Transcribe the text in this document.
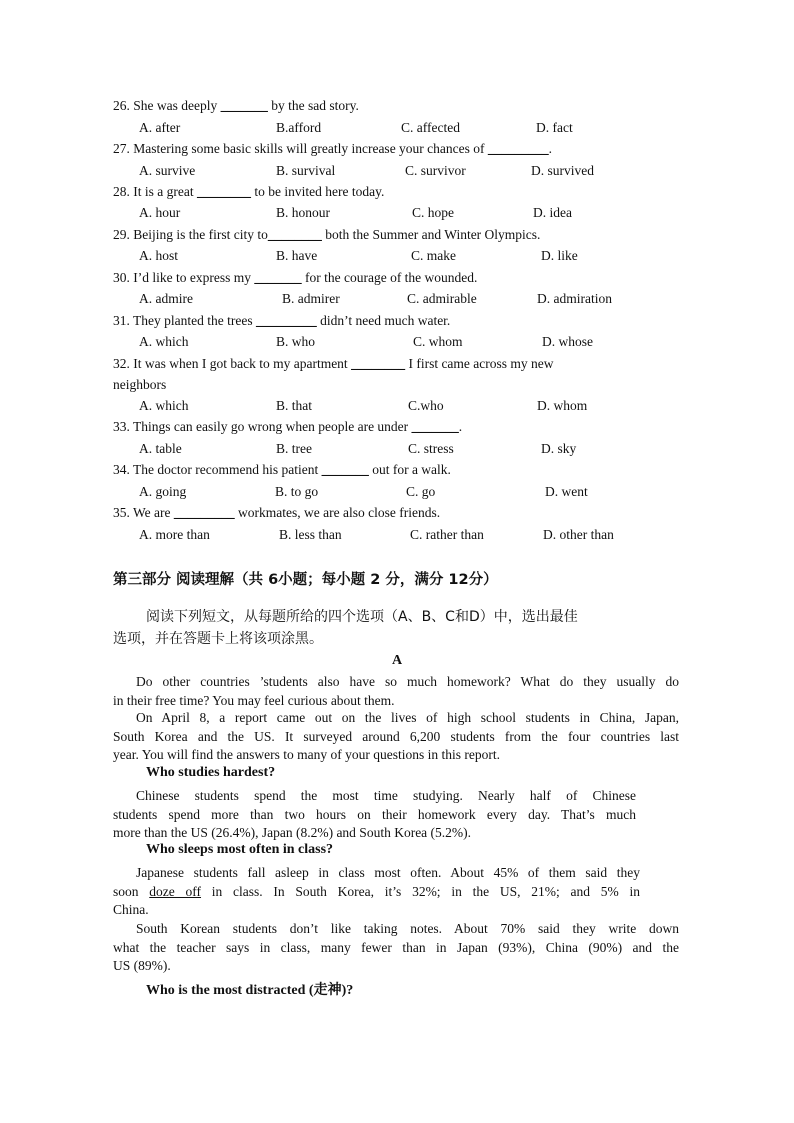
26. She was deeply _______ by the sad story.
A. after	B.afford	C. affected	D. fact
27. Mastering some basic skills will greatly increase your chances of _________.
A. survive	B. survival	C. survivor	D. survived
28. It is a great ________ to be invited here today.
A. hour	B. honour	C. hope	D. idea
29. Beijing is the first city to________ both the Summer and Winter Olympics.
A. host	B. have	C. make	D. like
30. I’d like to express my _______ for the courage of the wounded.
A. admire	B. admirer	C. admirable	D. admiration
31. They planted the trees _________ didn’t need much water.
A. which	B. who	C. whom	D. whose
32. It was when I got back to my apartment ________ I first came across my new
neighbors
A. which	B. that	C.who	D. whom
33. Things can easily go wrong when people are under _______.
A. table	B. tree	C. stress	D. sky
34. The doctor recommend his patient _______ out for a walk.
A. going	B. to go	C. go	D. went
35. We are _________ workmates, we are also close friends.
A. more than	B. less than	C. rather than	D. other than
第三部分 阅读理解（共 6小题；每小题 2 分，满分 12分）
阅读下列短文，从每题所给的四个选项（A、B、C和D）中，选出最佳
选项，并在答题卡上将该项涂黑。
A
Do other countries ’students also have so much homework? What do they usually do
in their free time? You may feel curious about them.
On April 8, a report came out on the lives of high school students in China, Japan,
South Korea and the US. It surveyed around 6,200 students from the four countries last
year. You will find the answers to many of your questions in this report.
Who studies hardest?
Chinese students spend the most time studying. Nearly half of Chinese
students spend more than two hours on their homework every day. That’s much
more than the US (26.4%), Japan (8.2%) and South Korea (5.2%).
Who sleeps most often in class?
Japanese students fall asleep in class most often. About 45% of them said they
soon doze off in class. In South Korea, it’s 32%; in the US, 21%; and 5% in
China.
South Korean students don’t like taking notes. About 70% said they write down
what the teacher says in class, many fewer than in Japan (93%), China (90%) and the
US (89%).
Who is the most distracted (走神)?
